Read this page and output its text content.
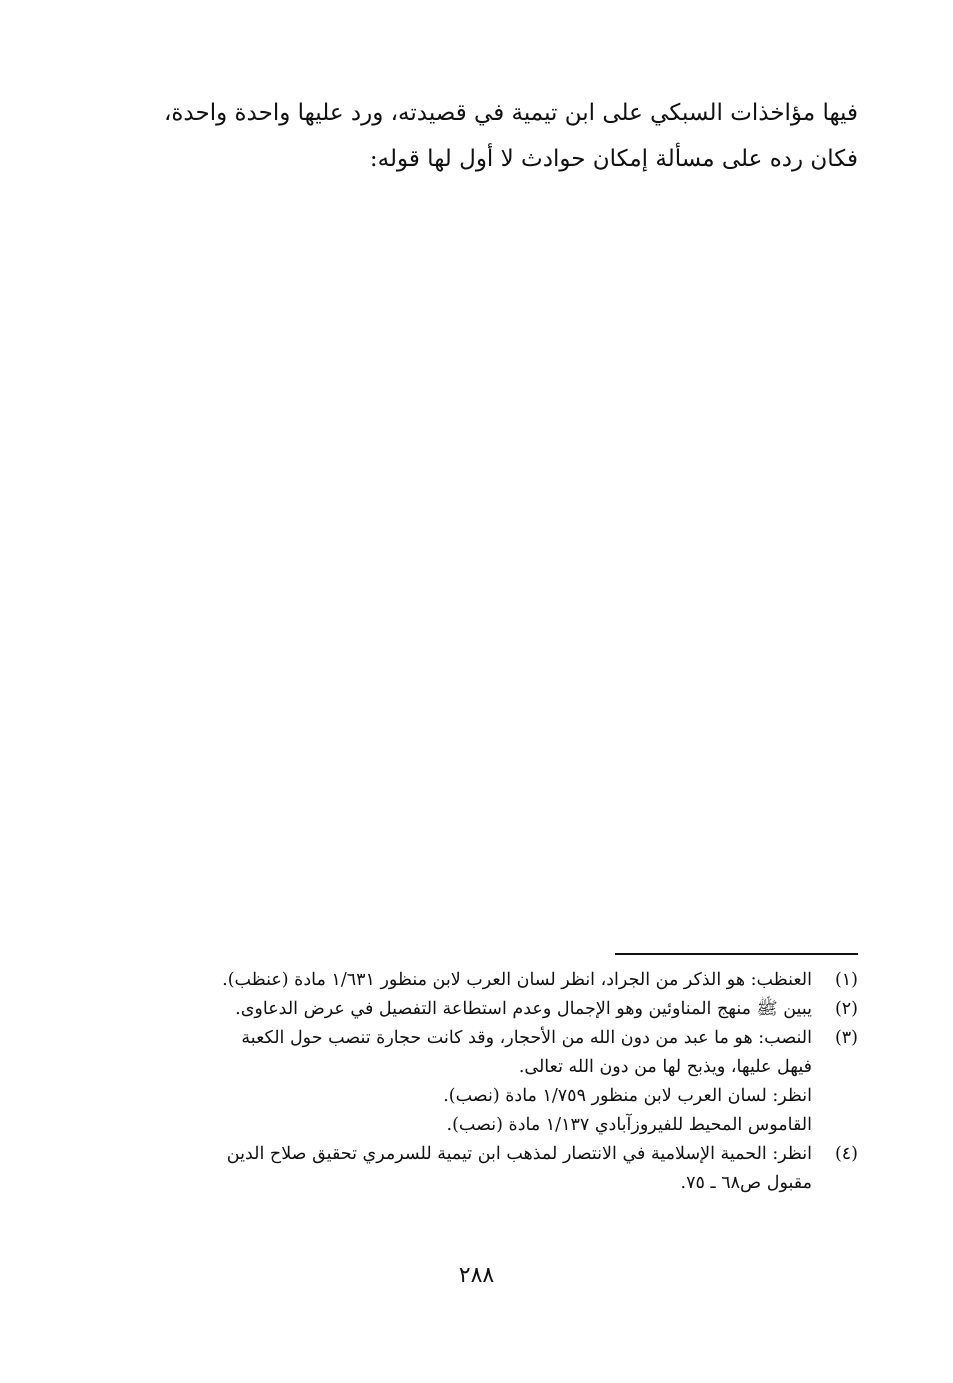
فيها مؤاخذات السبكي على ابن تيمية في قصيدته، ورد عليها واحدة واحدة،

فكان رده على مسألة إمكان حوادث لا أول لها قوله:

(١)
العنظب: هو الذكر من الجراد، انظر لسان العرب لابن منظور ١/٦٣١ مادة (عنظب).
(٢)
يبين ﷺ منهج المناوئين وهو الإجمال وعدم استطاعة التفصيل في عرض الدعاوى.
(٣)
النصب: هو ما عبد من دون الله من الأحجار، وقد كانت حجارة تنصب حول الكعبة
فيهل عليها، ويذبح لها من دون الله تعالى.
انظر: لسان العرب لابن منظور ١/٧٥٩ مادة (نصب).
القاموس المحيط للفيروزآبادي ١/١٣٧ مادة (نصب).
(٤)
انظر: الحمية الإسلامية في الانتصار لمذهب ابن تيمية للسرمري تحقيق صلاح الدين
مقبول ص٦٨ ـ ٧٥.
٢٨٨
